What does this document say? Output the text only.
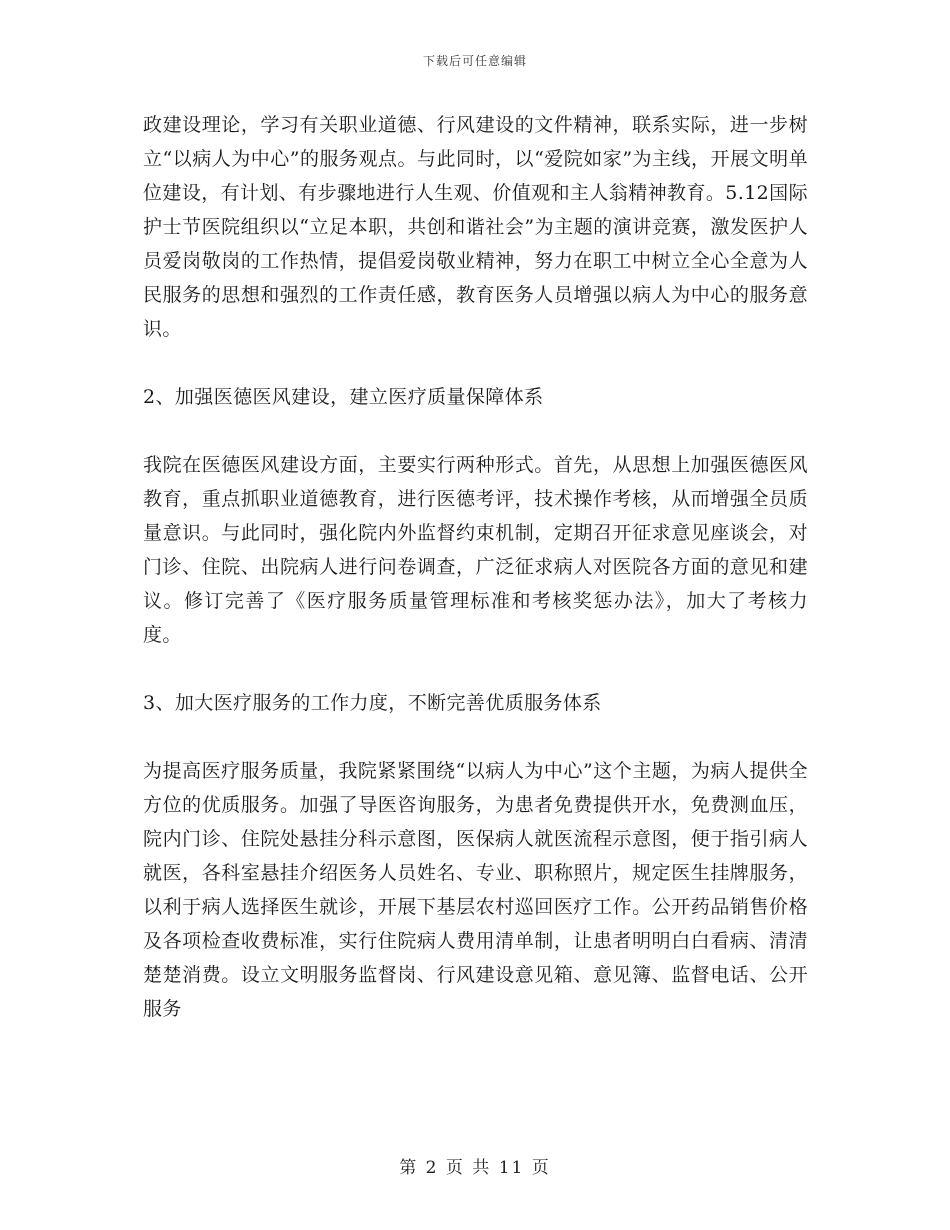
下载后可任意编辑

政建设理论，学习有关职业道德、行风建设的文件精神，联系实际，进一步树立“以病人为中心”的服务观点。与此同时，以“爱院如家”为主线，开展文明单位建设，有计划、有步骤地进行人生观、价值观和主人翁精神教育。5.12国际护士节医院组织以“立足本职，共创和谐社会”为主题的演讲竞赛，激发医护人员爱岗敬岗的工作热情，提倡爱岗敬业精神，努力在职工中树立全心全意为人民服务的思想和强烈的工作责任感，教育医务人员增强以病人为中心的服务意识。

2、加强医德医风建设，建立医疗质量保障体系

我院在医德医风建设方面，主要实行两种形式。首先，从思想上加强医德医风教育，重点抓职业道德教育，进行医德考评，技术操作考核，从而增强全员质量意识。与此同时，强化院内外监督约束机制，定期召开征求意见座谈会，对门诊、住院、出院病人进行问卷调查，广泛征求病人对医院各方面的意见和建议。修订完善了《医疗服务质量管理标准和考核奖惩办法》，加大了考核力度。

3、加大医疗服务的工作力度，不断完善优质服务体系

为提高医疗服务质量，我院紧紧围绕“以病人为中心”这个主题，为病人提供全方位的优质服务。加强了导医咨询服务，为患者免费提供开水，免费测血压，院内门诊、住院处悬挂分科示意图，医保病人就医流程示意图，便于指引病人就医，各科室悬挂介绍医务人员姓名、专业、职称照片，规定医生挂牌服务，以利于病人选择医生就诊，开展下基层农村巡回医疗工作。公开药品销售价格及各项检查收费标准，实行住院病人费用清单制，让患者明明白白看病、清清楚楚消费。设立文明服务监督岗、行风建设意见箱、意见簿、监督电话、公开服务

第 2 页 共 11 页
